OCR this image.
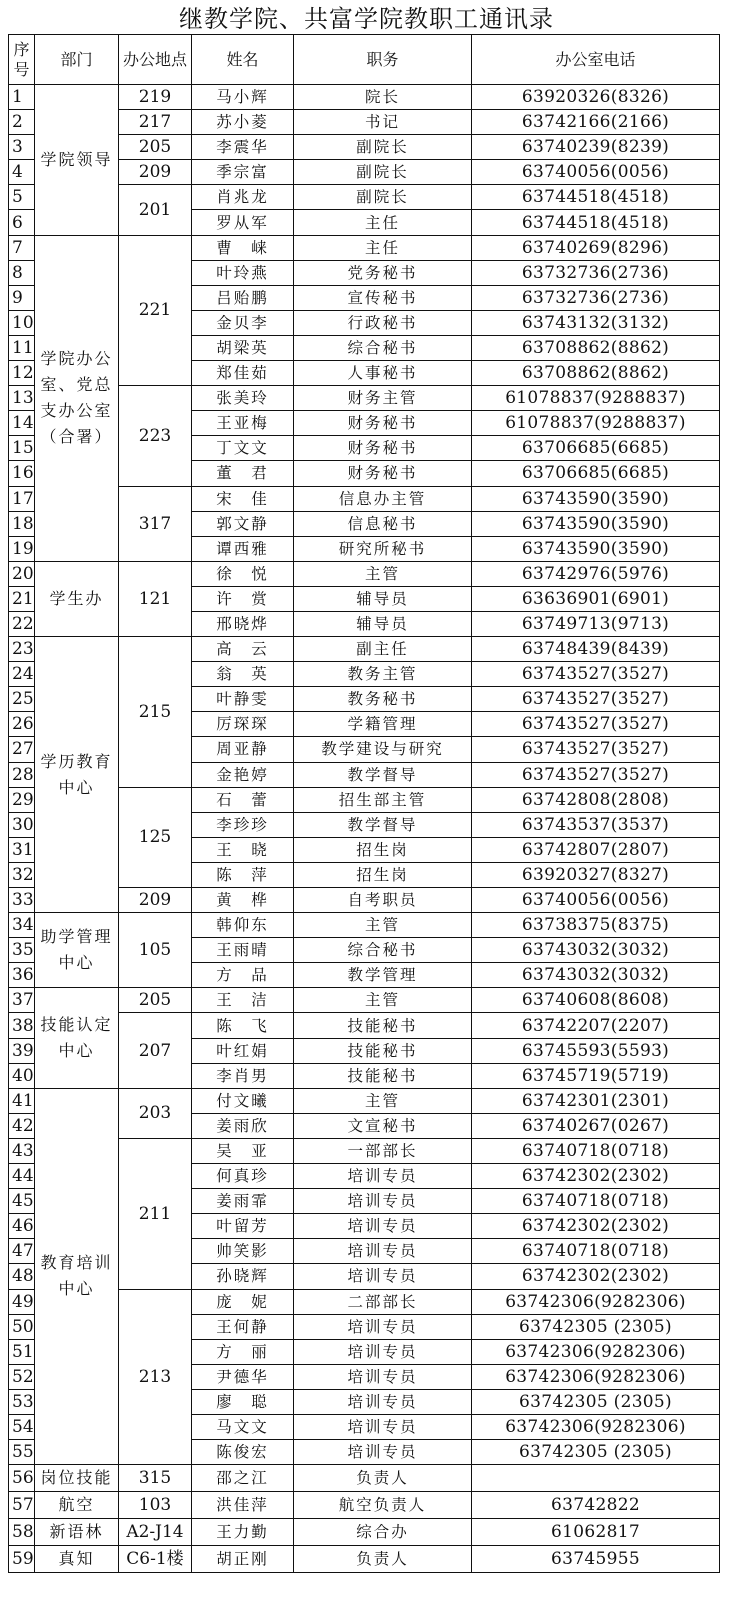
继教学院、共富学院教职工通讯录
序号	部门	办公地点	姓名	职务	办公室电话
1	学院领导	219	马小辉	院长	63920326(8326)
2		217	苏小菱	书记	63742166(2166)
3		205	李震华	副院长	63740239(8239)
4		209	季宗富	副院长	63740056(0056)
5		201	肖兆龙	副院长	63744518(4518)
6			罗从军	主任	63744518(4518)
7	学院办公室、党总支办公室（合署）	221	曹　崃	主任	63740269(8296)
8			叶玲燕	党务秘书	63732736(2736)
9			吕贻鹏	宣传秘书	63732736(2736)
10			金贝李	行政秘书	63743132(3132)
11			胡梁英	综合秘书	63708862(8862)
12			郑佳茹	人事秘书	63708862(8862)
13		223	张美玲	财务主管	61078837(9288837)
14			王亚梅	财务秘书	61078837(9288837)
15			丁文文	财务秘书	63706685(6685)
16			董　君	财务秘书	63706685(6685)
17		317	宋　佳	信息办主管	63743590(3590)
18			郭文静	信息秘书	63743590(3590)
19			谭西雅	研究所秘书	63743590(3590)
20	学生办	121	徐　悦	主管	63742976(5976)
21			许　赏	辅导员	63636901(6901)
22			邢晓烨	辅导员	63749713(9713)
23	学历教育中心	215	高　云	副主任	63748439(8439)
24			翁　英	教务主管	63743527(3527)
25			叶静雯	教务秘书	63743527(3527)
26			厉琛琛	学籍管理	63743527(3527)
27			周亚静	教学建设与研究	63743527(3527)
28			金艳婷	教学督导	63743527(3527)
29		125	石　蕾	招生部主管	63742808(2808)
30			李珍珍	教学督导	63743537(3537)
31			王　晓	招生岗	63742807(2807)
32			陈　萍	招生岗	63920327(8327)
33		209	黄　桦	自考职员	63740056(0056)
34	助学管理中心	105	韩仰东	主管	63738375(8375)
35			王雨晴	综合秘书	63743032(3032)
36			方　品	教学管理	63743032(3032)
37	技能认定中心	205	王　洁	主管	63740608(8608)
38		207	陈　飞	技能秘书	63742207(2207)
39			叶红娟	技能秘书	63745593(5593)
40			李肖男	技能秘书	63745719(5719)
41	教育培训中心	203	付文曦	主管	63742301(2301)
42			姜雨欣	文宣秘书	63740267(0267)
43		211	吴　亚	一部部长	63740718(0718)
44			何真珍	培训专员	63742302(2302)
45			姜雨霏	培训专员	63740718(0718)
46			叶留芳	培训专员	63742302(2302)
47			帅笑影	培训专员	63740718(0718)
48			孙晓辉	培训专员	63742302(2302)
49		213	庞　妮	二部部长	63742306(9282306)
50			王何静	培训专员	63742305 (2305)
51			方　丽	培训专员	63742306(9282306)
52			尹德华	培训专员	63742306(9282306)
53			廖　聪	培训专员	63742305 (2305)
54			马文文	培训专员	63742306(9282306)
55			陈俊宏	培训专员	63742305 (2305)
56	岗位技能	315	邵之江	负责人	
57	航空	103	洪佳萍	航空负责人	63742822
58	新语林	A2-J14	王力勤	综合办	61062817
59	真知	C6-1楼	胡正刚	负责人	63745955
